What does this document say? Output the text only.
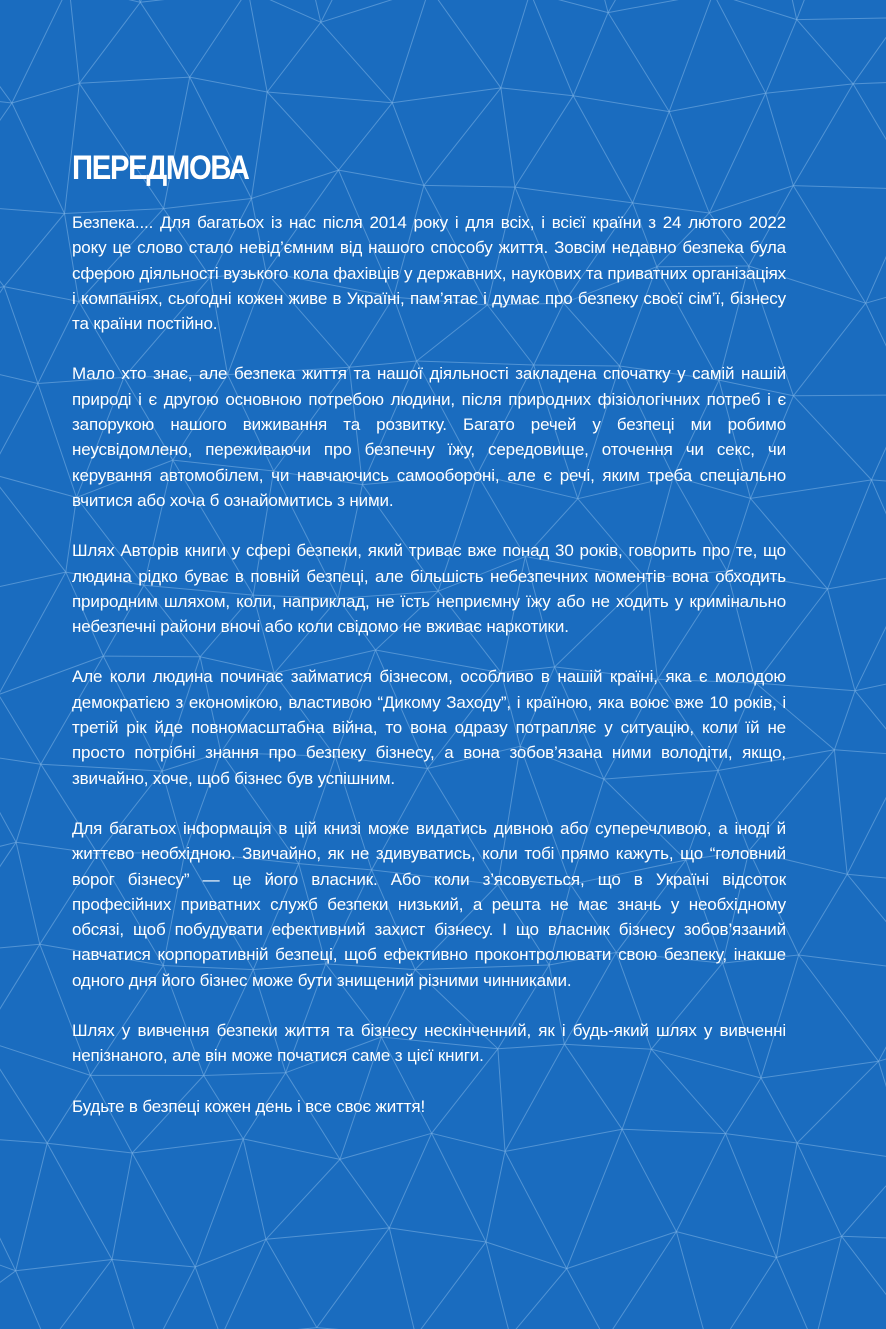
ПЕРЕДМОВА

Безпека.... Для багатьох із нас після 2014 року і для всіх, і всієї країни з 24 лютого 2022 року це слово стало невід’ємним від нашого способу життя. Зовсім недавно безпека була сферою діяльності вузького кола фахівців у державних, наукових та приватних організаціях і компаніях, сьогодні кожен живе в Україні, пам’ятає і думає про безпеку своєї сім’ї, бізнесу та країни постійно.

Мало хто знає, але безпека життя та нашої діяльності закладена спочатку у самій нашій природі і є другою основною потребою людини, після природних фізіологічних потреб і є запорукою нашого виживання та розвитку. Багато речей у безпеці ми робимо неусвідомлено, переживаючи про безпечну їжу, середовище, оточення чи секс, чи керування автомобілем, чи навчаючись самообороні, але є речі, яким треба спеціально вчитися або хоча б ознайомитись з ними.

Шлях Авторів книги у сфері безпеки, який триває вже понад 30 років, говорить про те, що людина рідко буває в повній безпеці, але більшість небезпечних моментів вона обходить природним шляхом, коли, наприклад, не їсть неприємну їжу або не ходить у кримінально небезпечні райони вночі або коли свідомо не вживає наркотики.

Але коли людина починає займатися бізнесом, особливо в нашій країні, яка є молодою демократією з економікою, властивою “Дикому Заходу”, і країною, яка воює вже 10 років, і третій рік йде повномасштабна війна, то вона одразу потрапляє у ситуацію, коли їй не просто потрібні знання про безпеку бізнесу, а вона зобов’язана ними володіти, якщо, звичайно, хоче, щоб бізнес був успішним.

Для багатьох інформація в цій книзі може видатись дивною або суперечливою, а іноді й життєво необхідною. Звичайно, як не здивуватись, коли тобі прямо кажуть, що “головний ворог бізнесу” — це його власник. Або коли з’ясовується, що в Україні відсоток професійних приватних служб безпеки низький, а решта не має знань у необхідному обсязі, щоб побудувати ефективний захист бізнесу. І що власник бізнесу зобов’язаний навчатися корпоративній безпеці, щоб ефективно проконтролювати свою безпеку, інакше одного дня його бізнес може бути знищений різними чинниками.

Шлях у вивчення безпеки життя та бізнесу нескінченний, як і будь-який шлях у вивченні непізнаного, але він може початися саме з цієї книги.

Будьте в безпеці кожен день і все своє життя!
